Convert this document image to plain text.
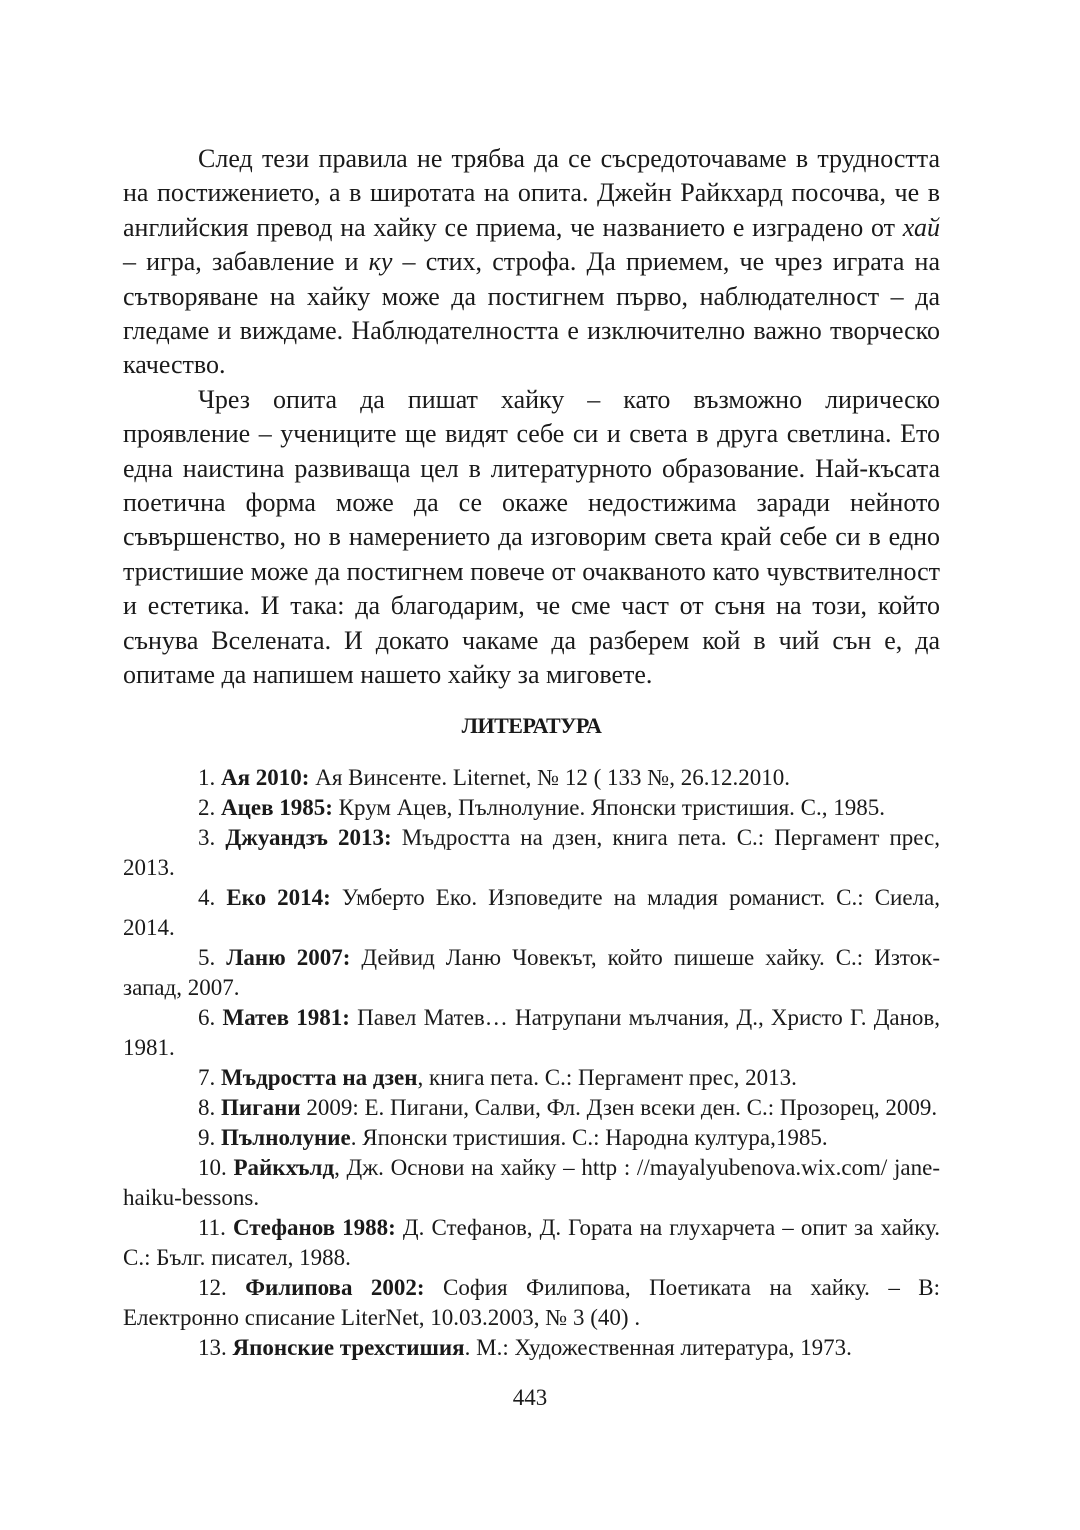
След тези правила не трябва да се съсредоточаваме в трудността на постижението, а в широтата на опита. Джейн Райкхард посочва, че в английския превод на хайку се приема, че названието е изградено от хай – игра, забавление и ку – стих, строфа. Да приемем, че чрез играта на сътворяване на хайку може да постигнем първо, наблюдателност – да гледаме и виждаме. Наблюдателността е изключително важно творческо качество.

Чрез опита да пишат хайку – като възможно лирическо проявление – учениците ще видят себе си и света в друга светлина. Ето една наистина развиваща цел в литературното образование. Най-късата поетична форма може да се окаже недостижима заради нейното съвършенство, но в намерението да изговорим света край себе си в едно тристишие може да постигнем повече от очакваното като чувствителност и естетика. И така: да благодарим, че сме част от съня на този, който сънува Вселената. И докато чакаме да разберем кой в чий сън е, да опитаме да напишем нашето хайку за миговете.

ЛИТЕРАТУРА
1. Ая 2010: Ая Винсенте. Liternet, № 12 ( 133 №, 26.12.2010.
2. Ацев 1985: Крум Ацев, Пълнолуние. Японски тристишия. С., 1985.
3. Джуандзъ 2013: Мъдростта на дзен, книга пета. С.: Пергамент прес, 2013.
4. Еко 2014: Умберто Еко. Изповедите на младия романист. С.: Сиела, 2014.
5. Ланю 2007: Дейвид Ланю Човекът, който пишеше хайку. С.: Изток-запад, 2007.
6. Матев 1981: Павел Матев… Натрупани мълчания, Д., Христо Г. Данов, 1981.
7. Мъдростта на дзен, книга пета. С.: Пергамент прес, 2013.
8. Пигани 2009: Е. Пигани, Салви, Фл. Дзен всеки ден. С.: Прозорец, 2009.
9. Пълнолуние. Японски тристишия. С.: Народна култура,1985.
10. Райкхълд, Дж. Основи на хайку – http : //mayalyubenova.wix.com/ jane-haiku-bessons.
11. Стефанов 1988: Д. Стефанов, Д. Гората на глухарчета – опит за хайку. С.: Бълг. писател, 1988.
12. Филипова 2002: София Филипова, Поетиката на хайку. – В: Електронно списание LiterNet, 10.03.2003, № 3 (40) .
13. Японские трехстишия. М.: Художественная литература, 1973.
443
